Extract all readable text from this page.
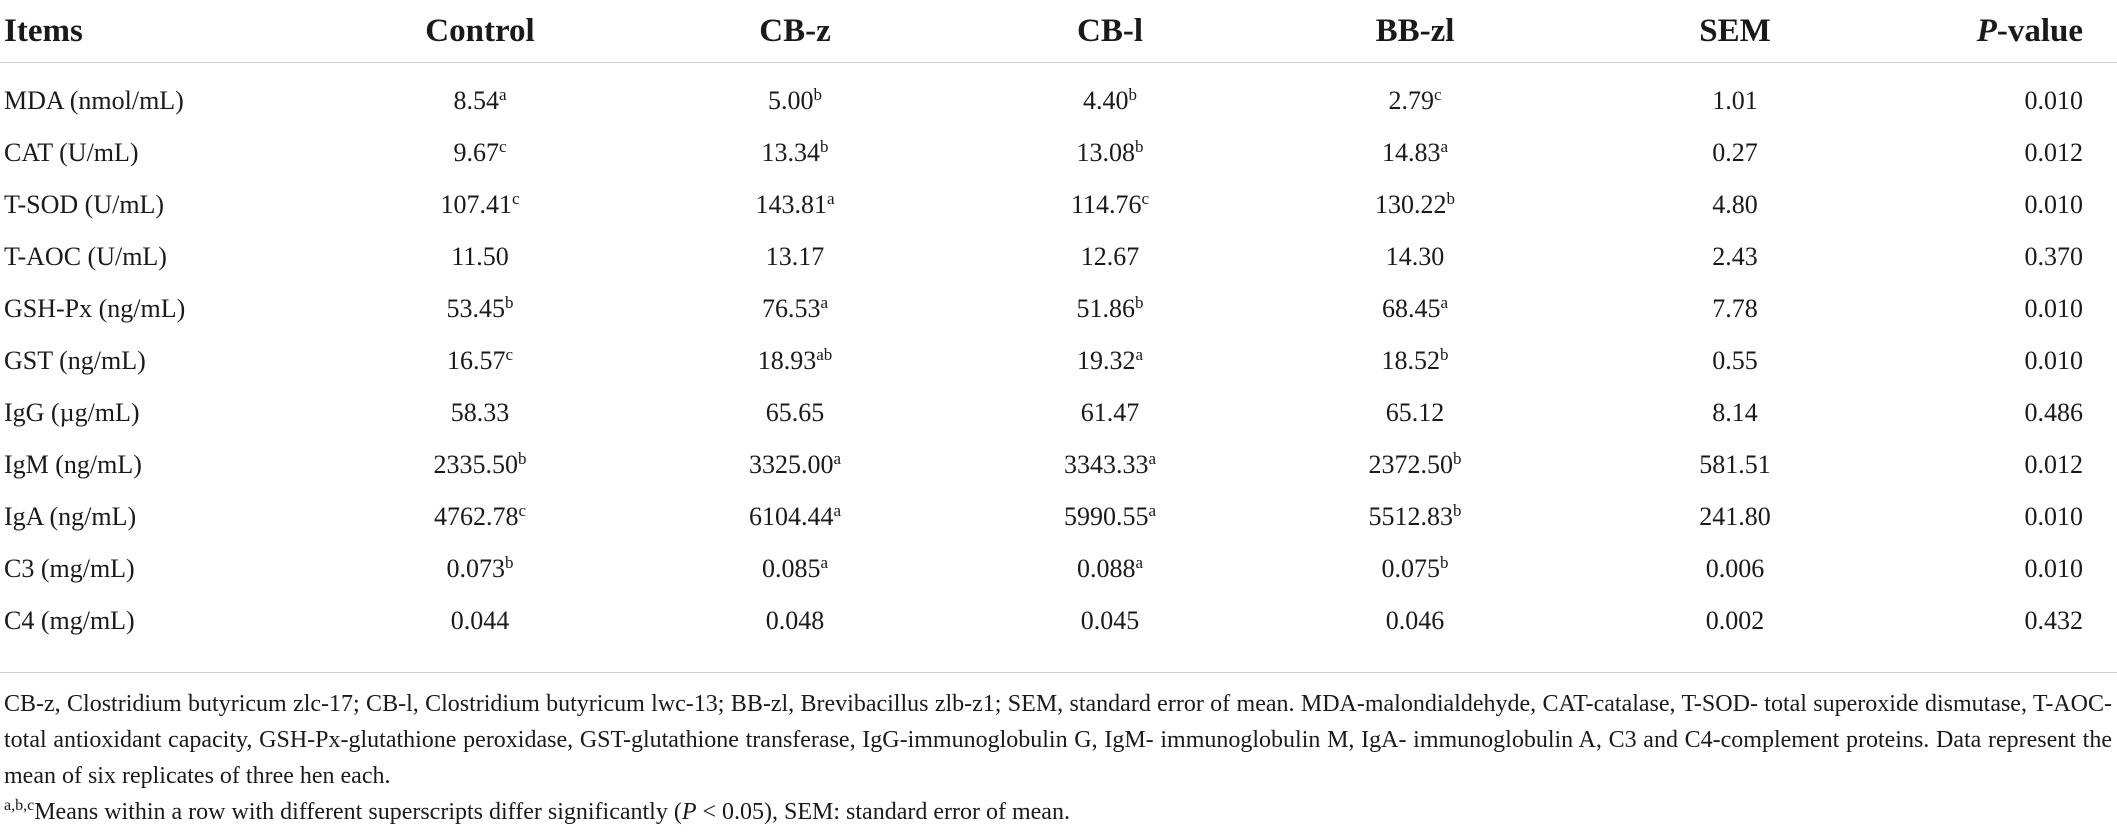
Items	Control	CB-z	CB-l	BB-zl	SEM	P-value
MDA (nmol/mL)	8.54$^a$	5.00$^b$	4.40$^b$	2.79$^c$	1.01	0.010
CAT (U/mL)	9.67$^c$	13.34$^b$	13.08$^b$	14.83$^a$	0.27	0.012
T-SOD (U/mL)	107.41$^c$	143.81$^a$	114.76$^c$	130.22$^b$	4.80	0.010
T-AOC (U/mL)	11.50	13.17	12.67	14.30	2.43	0.370
GSH-Px (ng/mL)	53.45$^b$	76.53$^a$	51.86$^b$	68.45$^a$	7.78	0.010
GST (ng/mL)	16.57$^c$	18.93$^{ab}$	19.32$^a$	18.52$^b$	0.55	0.010
IgG (µg/mL)	58.33	65.65	61.47	65.12	8.14	0.486
IgM (ng/mL)	2335.50$^b$	3325.00$^a$	3343.33$^a$	2372.50$^b$	581.51	0.012
IgA (ng/mL)	4762.78$^c$	6104.44$^a$	5990.55$^a$	5512.83$^b$	241.80	0.010
C3 (mg/mL)	0.073$^b$	0.085$^a$	0.088$^a$	0.075$^b$	0.006	0.010
C4 (mg/mL)	0.044	0.048	0.045	0.046	0.002	0.432

CB-z, Clostridium butyricum zlc-17; CB-l, Clostridium butyricum lwc-13; BB-zl, Brevibacillus zlb-z1; SEM, standard error of mean. MDA-malondialdehyde, CAT-catalase, T-SOD- total superoxide dismutase, T-AOC-total antioxidant capacity, GSH-Px-glutathione peroxidase, GST-glutathione transferase, IgG-immunoglobulin G, IgM- immunoglobulin M, IgA- immunoglobulin A, C3 and C4-complement proteins. Data represent the mean of six replicates of three hen each.

$^{a,b,c}$Means within a row with different superscripts differ significantly (P < 0.05), SEM: standard error of mean.
